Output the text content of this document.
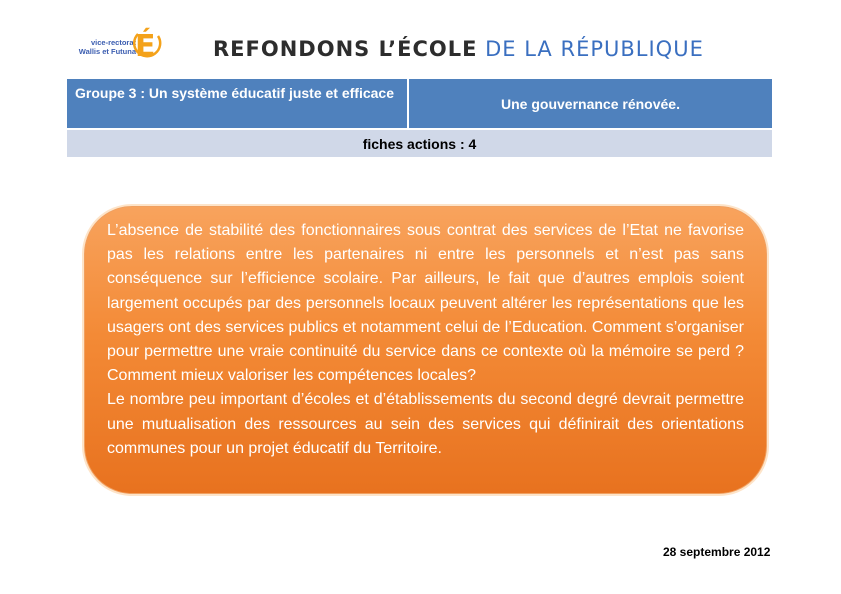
vice-rectorat
Wallis et Futuna É	REFONDONS L’ÉCOLE DE LA RÉPUBLIQUE
Groupe 3 : Un système éducatif juste et efficace
Une gouvernance rénovée.
fiches actions : 4

L’absence de stabilité des fonctionnaires sous contrat des services de l’Etat ne favorise pas les relations entre les partenaires ni entre les personnels et n’est pas sans conséquence sur l’efficience scolaire. Par ailleurs, le fait que d’autres emplois soient largement occupés par des personnels locaux peuvent altérer les représentations que les usagers ont des services publics et notamment celui de l’Education. Comment s’organiser pour permettre une vraie continuité du service dans ce contexte où la mémoire se perd ? Comment mieux valoriser les compétences locales?

Le nombre peu important d’écoles et d’établissements du second degré devrait permettre une mutualisation des ressources au sein des services qui définirait des orientations communes pour un projet éducatif du Territoire.

28 septembre 2012
